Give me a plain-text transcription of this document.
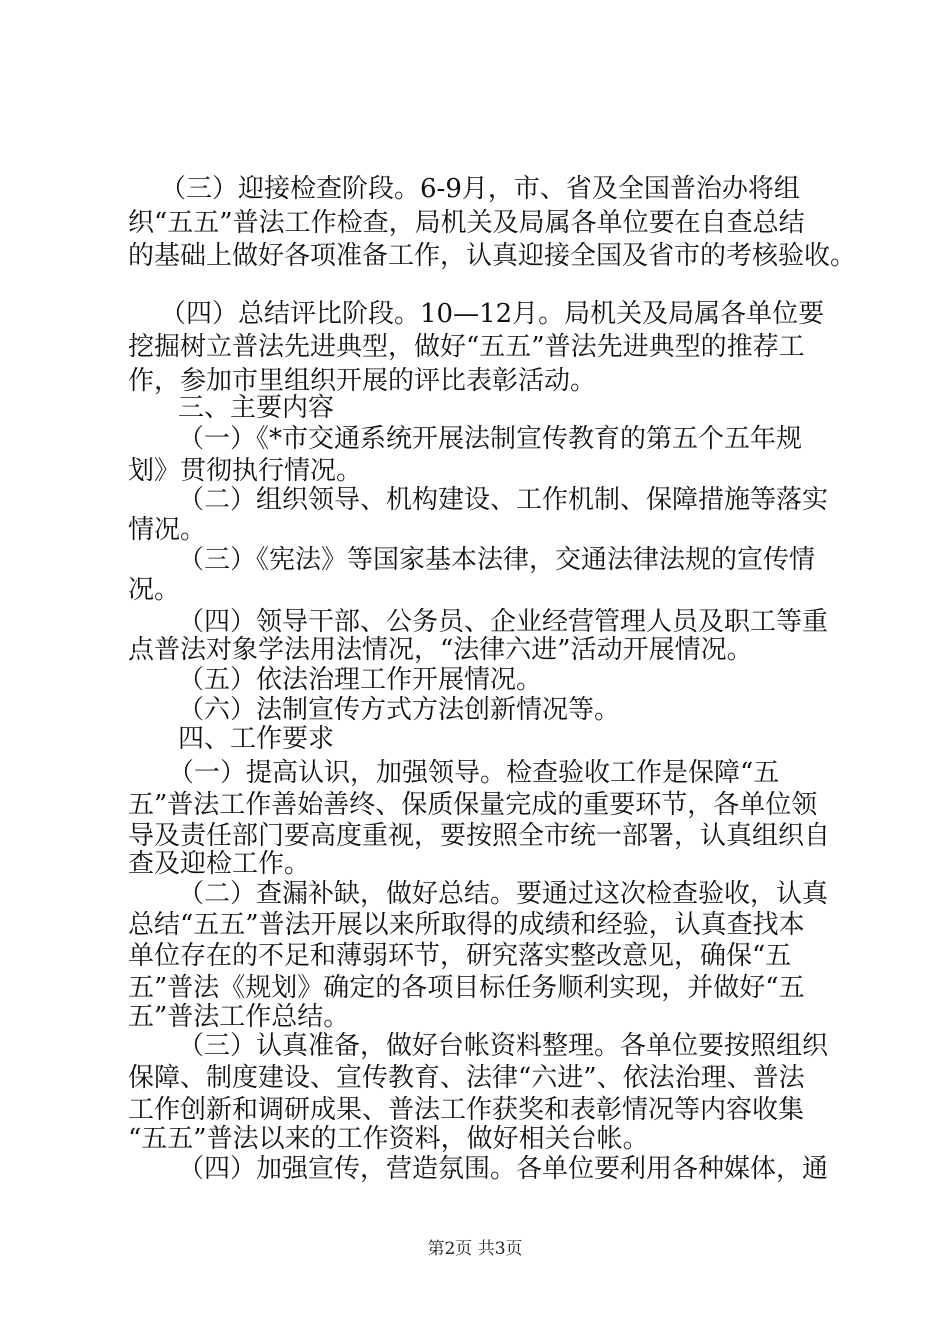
（三）迎接检查阶段。6-9月，市、省及全国普治办将组
织“五五”普法工作检查，局机关及局属各单位要在自查总结
的基础上做好各项准备工作，认真迎接全国及省市的考核验收。
（四）总结评比阶段。10—12月。局机关及局属各单位要
挖掘树立普法先进典型，做好“五五”普法先进典型的推荐工
作，参加市里组织开展的评比表彰活动。
三、主要内容
（一）《*市交通系统开展法制宣传教育的第五个五年规
划》贯彻执行情况。
（二）组织领导、机构建设、工作机制、保障措施等落实
情况。
（三）《宪法》等国家基本法律，交通法律法规的宣传情
况。
（四）领导干部、公务员、企业经营管理人员及职工等重
点普法对象学法用法情况，“法律六进”活动开展情况。
（五）依法治理工作开展情况。
（六）法制宣传方式方法创新情况等。
四、工作要求
（一）提高认识，加强领导。检查验收工作是保障“五
五”普法工作善始善终、保质保量完成的重要环节，各单位领
导及责任部门要高度重视，要按照全市统一部署，认真组织自
查及迎检工作。
（二）查漏补缺，做好总结。要通过这次检查验收，认真
总结“五五”普法开展以来所取得的成绩和经验，认真查找本
单位存在的不足和薄弱环节，研究落实整改意见，确保“五
五”普法《规划》确定的各项目标任务顺利实现，并做好“五
五”普法工作总结。
（三）认真准备，做好台帐资料整理。各单位要按照组织
保障、制度建设、宣传教育、法律“六进”、依法治理、普法
工作创新和调研成果、普法工作获奖和表彰情况等内容收集
“五五”普法以来的工作资料，做好相关台帐。
（四）加强宣传，营造氛围。各单位要利用各种媒体，通
第2页 共3页
